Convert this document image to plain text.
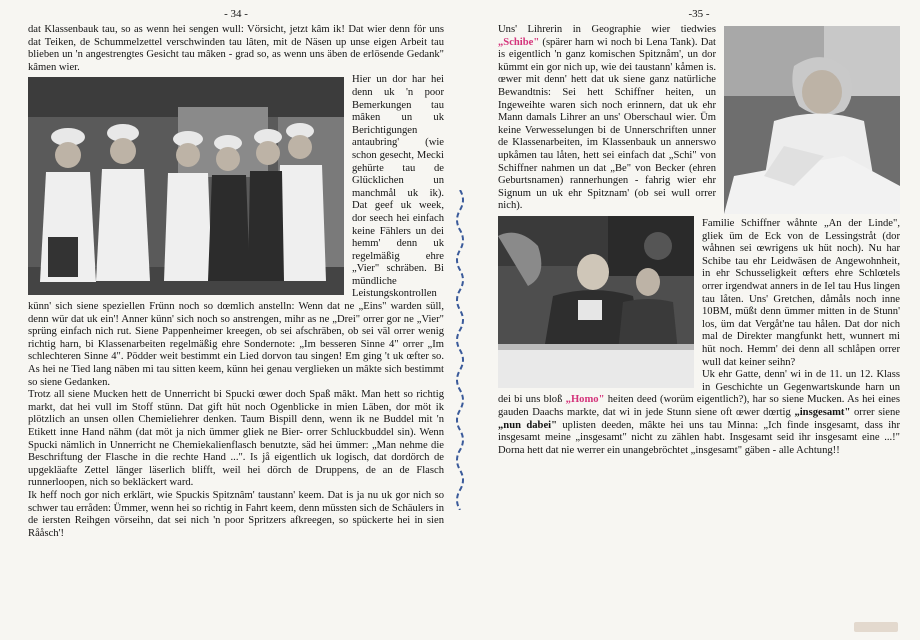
- 34 -

dat Klassenbauk tau, so as wenn hei sengen wull: Vörsicht, jetzt kâm ik! Dat wier denn för uns dat Teiken, de Schummelzettel verschwinden tau lâten, mit de Näsen up unse eigen Arbeit tau blieben un 'n angestrengtes Gesicht tau mâken - grad so, as wenn uns äben de erlösende Gedank" kâmen wier.

Hier un dor har hei denn uk 'n poor Bemerkungen tau mâken un uk Berichtigungen antaubring' (wie schon gesecht, Mecki gehürte tau de Glücklichen un manchmål uk ik). Dat geef uk week, dor seech hei einfach keine Fählers un dei hemm' denn uk regelmäßig ehre „Vier" schräben. Bi mündliche Leistungskontrollen künn' sich siene speziellen Frünn noch so dœmlich anstelln: Wenn dat ne „Eins" warden süll, denn wür dat uk ein'! Anner künn' sich noch so anstrengen, mihr as ne „Drei" orrer gor ne „Vier" sprüng einfach nich rut. Siene Pappenheimer kreegen, ob sei afschräben, ob sei väl orrer wenig richtig harn, bi Klassenarbeiten regelmäßig ehre Sondernote: „Im besseren Sinne 4" orrer „Im schlechteren Sinne 4". Pödder weit bestimmt ein Lied dorvon tau singen! Em ging 't uk œfter so. As hei ne Tied lang näben mi tau sitten keem, künn hei genau verglieken un mâkte sich bestimmt so siene Gedanken.

Trotz all siene Mucken hett de Unnerricht bi Spucki œwer doch Spaß mâkt. Man hett so richtig markt, dat hei vull im Stoff stünn. Dat gift hüt noch Ogenblicke in mien Läben, dor möt ik plötzlich an unsen ollen Chemieliehrer denken. Taum Bispill denn, wenn ik ne Buddel mit 'n Etikett inne Hand nähm (dat möt ja nich ümmer gliek ne Bier- orrer Schluckbuddel sin). Wenn Spucki nämlich in Unnerricht ne Chemiekalienflasch benutzte, säd hei ümmer: „Man nehme die Beschriftung der Flasche in die rechte Hand ...". Is jå eigentlich uk logisch, dat dordörch de upgekläafte Zettel länger läserlich blifft, weil hei dörch de Druppens, de an de Flasch runnerloopen, nich so bekläckert ward.

Ik heff noch gor nich erklärt, wie Spuckis Spitznâm' taustann' keem. Dat is ja nu uk gor nich so schwer tau erråden: Ümmer, wenn hei so richtig in Fahrt keem, denn müssten sich de Schäulers in de iersten Reihgen vörseihn, dat sei nich 'n poor Spritzers afkreegen, so spückerte hei in sien Rååsch'!

-35 -

Uns' Lihrerin in Geographie wier tiedwies „Schibe" (spärer harn wi noch bi Lena Tank). Dat is eigentlich 'n ganz komischen Spitznåm', un dor kümmt ein gor nich up, wie dei taustann' kåmen is. œwer mit denn' hett dat uk siene ganz natürliche Bewandtnis: Sei hett Schiffner heiten, un Ingeweihte waren sich noch erinnern, dat uk ehr Mann damals Lihrer an uns' Oberschaul wier. Üm keine Verwesselungen bi de Unnerschriften unner de Klassenarbeiten, im Klassenbauk un annerswo upkåmen tau låten, hett sei einfach dat „Schi" von Schiffner nahmen un dat „Be" von Becker (ehren Geburtsnamen) rannerhungen - fahrig wier ehr Signum un uk ehr Spitznam' (ob sei wull orrer nich).

Familie Schiffner wåhnte „An der Linde", gliek üm de Eck von de Lessingstråt (dor wåhnen sei œwrigens uk hüt noch). Nu har Schibe tau ehr Leidwäsen de Angewohnheit, in ehr Schusseligkeit œfters ehre Schlœtels orrer irgendwat anners in de Iel tau Hus lingen tau låten. Uns' Gretchen, dåmåls noch inne 10BM, müßt denn ümmer mitten in de Stunn' los, üm dat Vergåt'ne tau hålen. Dat dor nich mal de Direkter mangfunkt hett, wunnert mi hüt noch. Hemm' dei denn all schlåpen orrer wull dat keiner seihn?

Uk ehr Gatte, denn' wi in de 11. un 12. Klass in Geschichte un Gegenwartskunde harn un dei bi uns bloß „Homo" heiten deed (worüm eigentlich?), har so siene Mucken. As hei eines gauden Daachs markte, dat wi in jede Stunn siene oft œwer dœrtig „insgesamt" orrer siene „nun dabei" uplisten deeden, mâkte hei uns tau Minna: „Ich finde insgesamt, dass ihr insgesamt meine „insgesamt" nicht zu zählen habt. Insgesamt seid ihr insgesamt eine ...!" Dorna hett dat nie werrer ein unangebröchtet „insgesamt" gäben - alle Achtung!!
